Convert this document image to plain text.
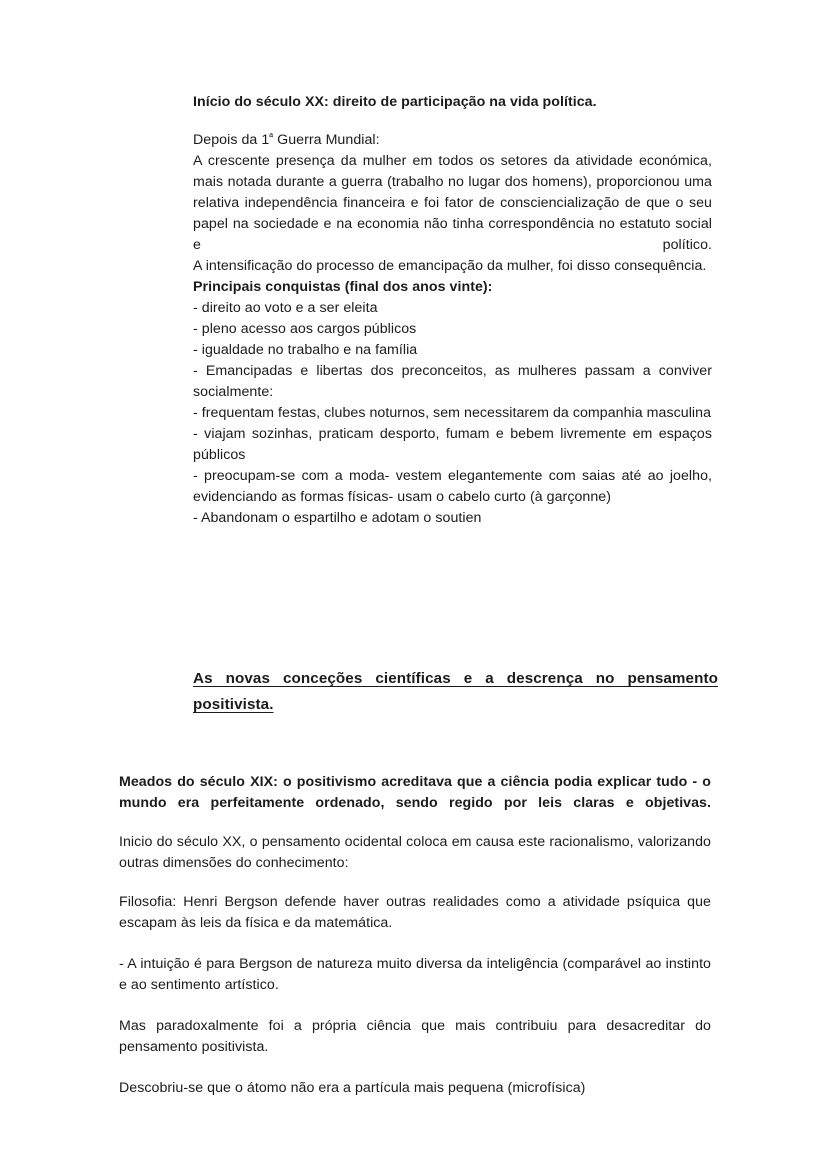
Início do século XX: direito de participação na vida política.

Depois da $1^ª$ Guerra Mundial:

A crescente presença da mulher em todos os setores da atividade económica, mais notada durante a guerra (trabalho no lugar dos homens), proporcionou uma relativa independência financeira e foi fator de consciencialização de que o seu papel na sociedade e na economia não tinha correspondência no estatuto social e político.

A intensificação do processo de emancipação da mulher, foi disso consequência.

Principais conquistas (final dos anos vinte):

- direito ao voto e a ser eleita

- pleno acesso aos cargos públicos

- igualdade no trabalho e na família

- Emancipadas e libertas dos preconceitos, as mulheres passam a conviver socialmente:

- frequentam festas, clubes noturnos, sem necessitarem da companhia masculina

- viajam sozinhas, praticam desporto, fumam e bebem livremente em espaços públicos

- preocupam-se com a moda- vestem elegantemente com saias até ao joelho, evidenciando as formas físicas- usam o cabelo curto (à garçonne)

- Abandonam o espartilho e adotam o soutien

As novas conceções científicas e a descrença no pensamento
positivista.

Meados do século XIX: o positivismo acreditava que a ciência podia explicar tudo - o mundo era perfeitamente ordenado, sendo regido por leis claras e objetivas.

Inicio do século XX, o pensamento ocidental coloca em causa este racionalismo, valorizando outras dimensões do conhecimento:

Filosofia: Henri Bergson defende haver outras realidades como a atividade psíquica que escapam às leis da física e da matemática.

- A intuição é para Bergson de natureza muito diversa da inteligência (comparável ao instinto e ao sentimento artístico.

Mas paradoxalmente foi a própria ciência que mais contribuiu para desacreditar do pensamento positivista.

Descobriu-se que o átomo não era a partícula mais pequena (microfísica)
